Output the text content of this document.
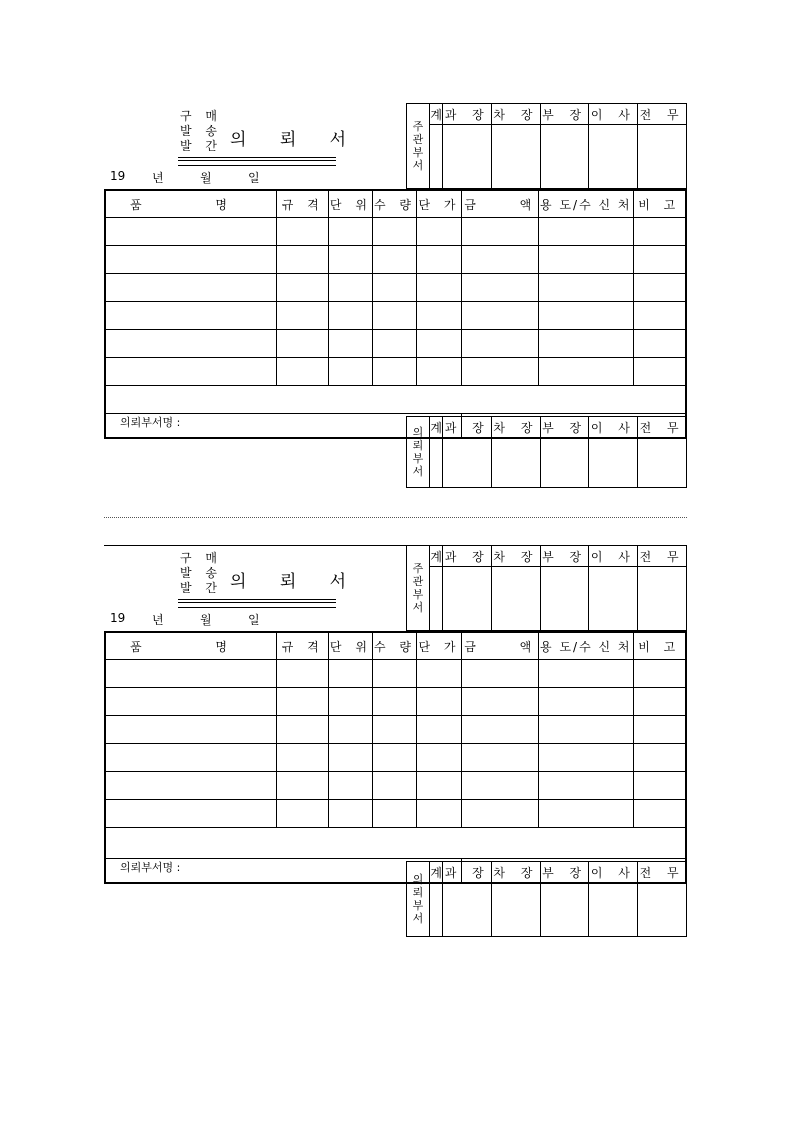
구 매
발 송
발 간 의 뢰 서
19 년	월	일
주관부서	계	과 장	차 장	부 장	이 사	전 무

품 명	규 격	단 위	수 량	단 가	금 액	용 도/수 신 처	비 고

의뢰부서명 :							
의뢰부서	계	과 장	차 장	부 장	이 사	전 무

구 매
발 송
발 간 의 뢰 서
19 년	월	일
주관부서	계	과 장	차 장	부 장	이 사	전 무

품 명	규 격	단 위	수 량	단 가	금 액	용 도/수 신 처	비 고

의뢰부서명 :							
의뢰부서	계	과 장	차 장	부 장	이 사	전 무
